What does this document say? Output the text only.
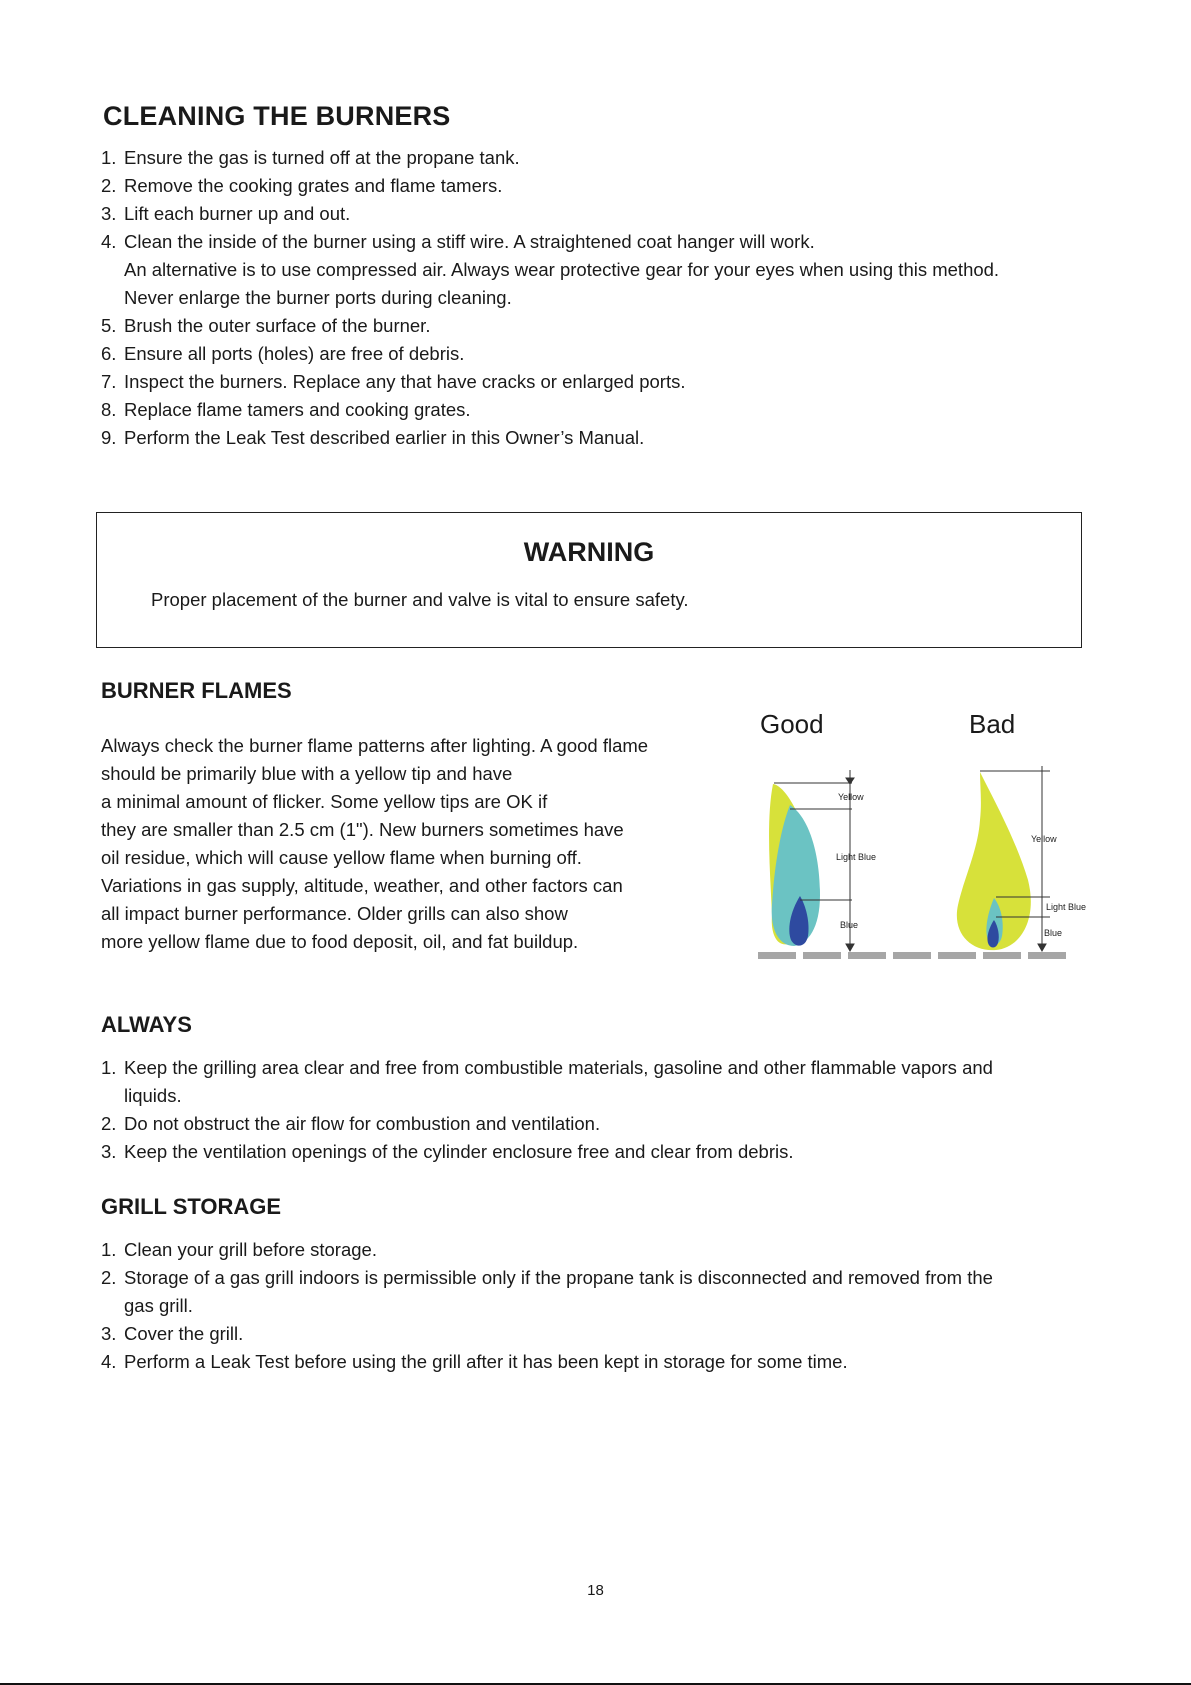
CLEANING THE BURNERS
1. Ensure the gas is turned off at the propane tank.
2. Remove the cooking grates and flame tamers.
3. Lift each burner up and out.
4. Clean the inside of the burner using a stiff wire. A straightened coat hanger will work.
An alternative is to use compressed air. Always wear protective gear for your eyes when using this method.
Never enlarge the burner ports during cleaning.
5. Brush the outer surface of the burner.
6. Ensure all ports (holes) are free of debris.
7. Inspect the burners. Replace any that have cracks or enlarged ports.
8. Replace flame tamers and cooking grates.
9. Perform the Leak Test described earlier in this Owner’s Manual.
WARNING
Proper placement of the burner and valve is vital to ensure safety.
BURNER FLAMES
Always check the burner flame patterns after lighting. A good flame
should be primarily blue with a yellow tip and have
a minimal amount of flicker. Some yellow tips are OK if
they are smaller than 2.5 cm (1"). New burners sometimes have
oil residue, which will cause yellow flame when burning off.
Variations in gas supply, altitude, weather, and other factors can
all impact burner performance. Older grills can also show
more yellow flame due to food deposit, oil, and fat buildup.
Good	Bad
Yellow
Light Blue
Blue
Yellow
Light Blue
Blue
ALWAYS
1. Keep the grilling area clear and free from combustible materials, gasoline and other flammable vapors and
liquids.
2. Do not obstruct the air flow for combustion and ventilation.
3. Keep the ventilation openings of the cylinder enclosure free and clear from debris.
GRILL STORAGE
1. Clean your grill before storage.
2. Storage of a gas grill indoors is permissible only if the propane tank is disconnected and removed from the
gas grill.
3. Cover the grill.
4. Perform a Leak Test before using the grill after it has been kept in storage for some time.
18
